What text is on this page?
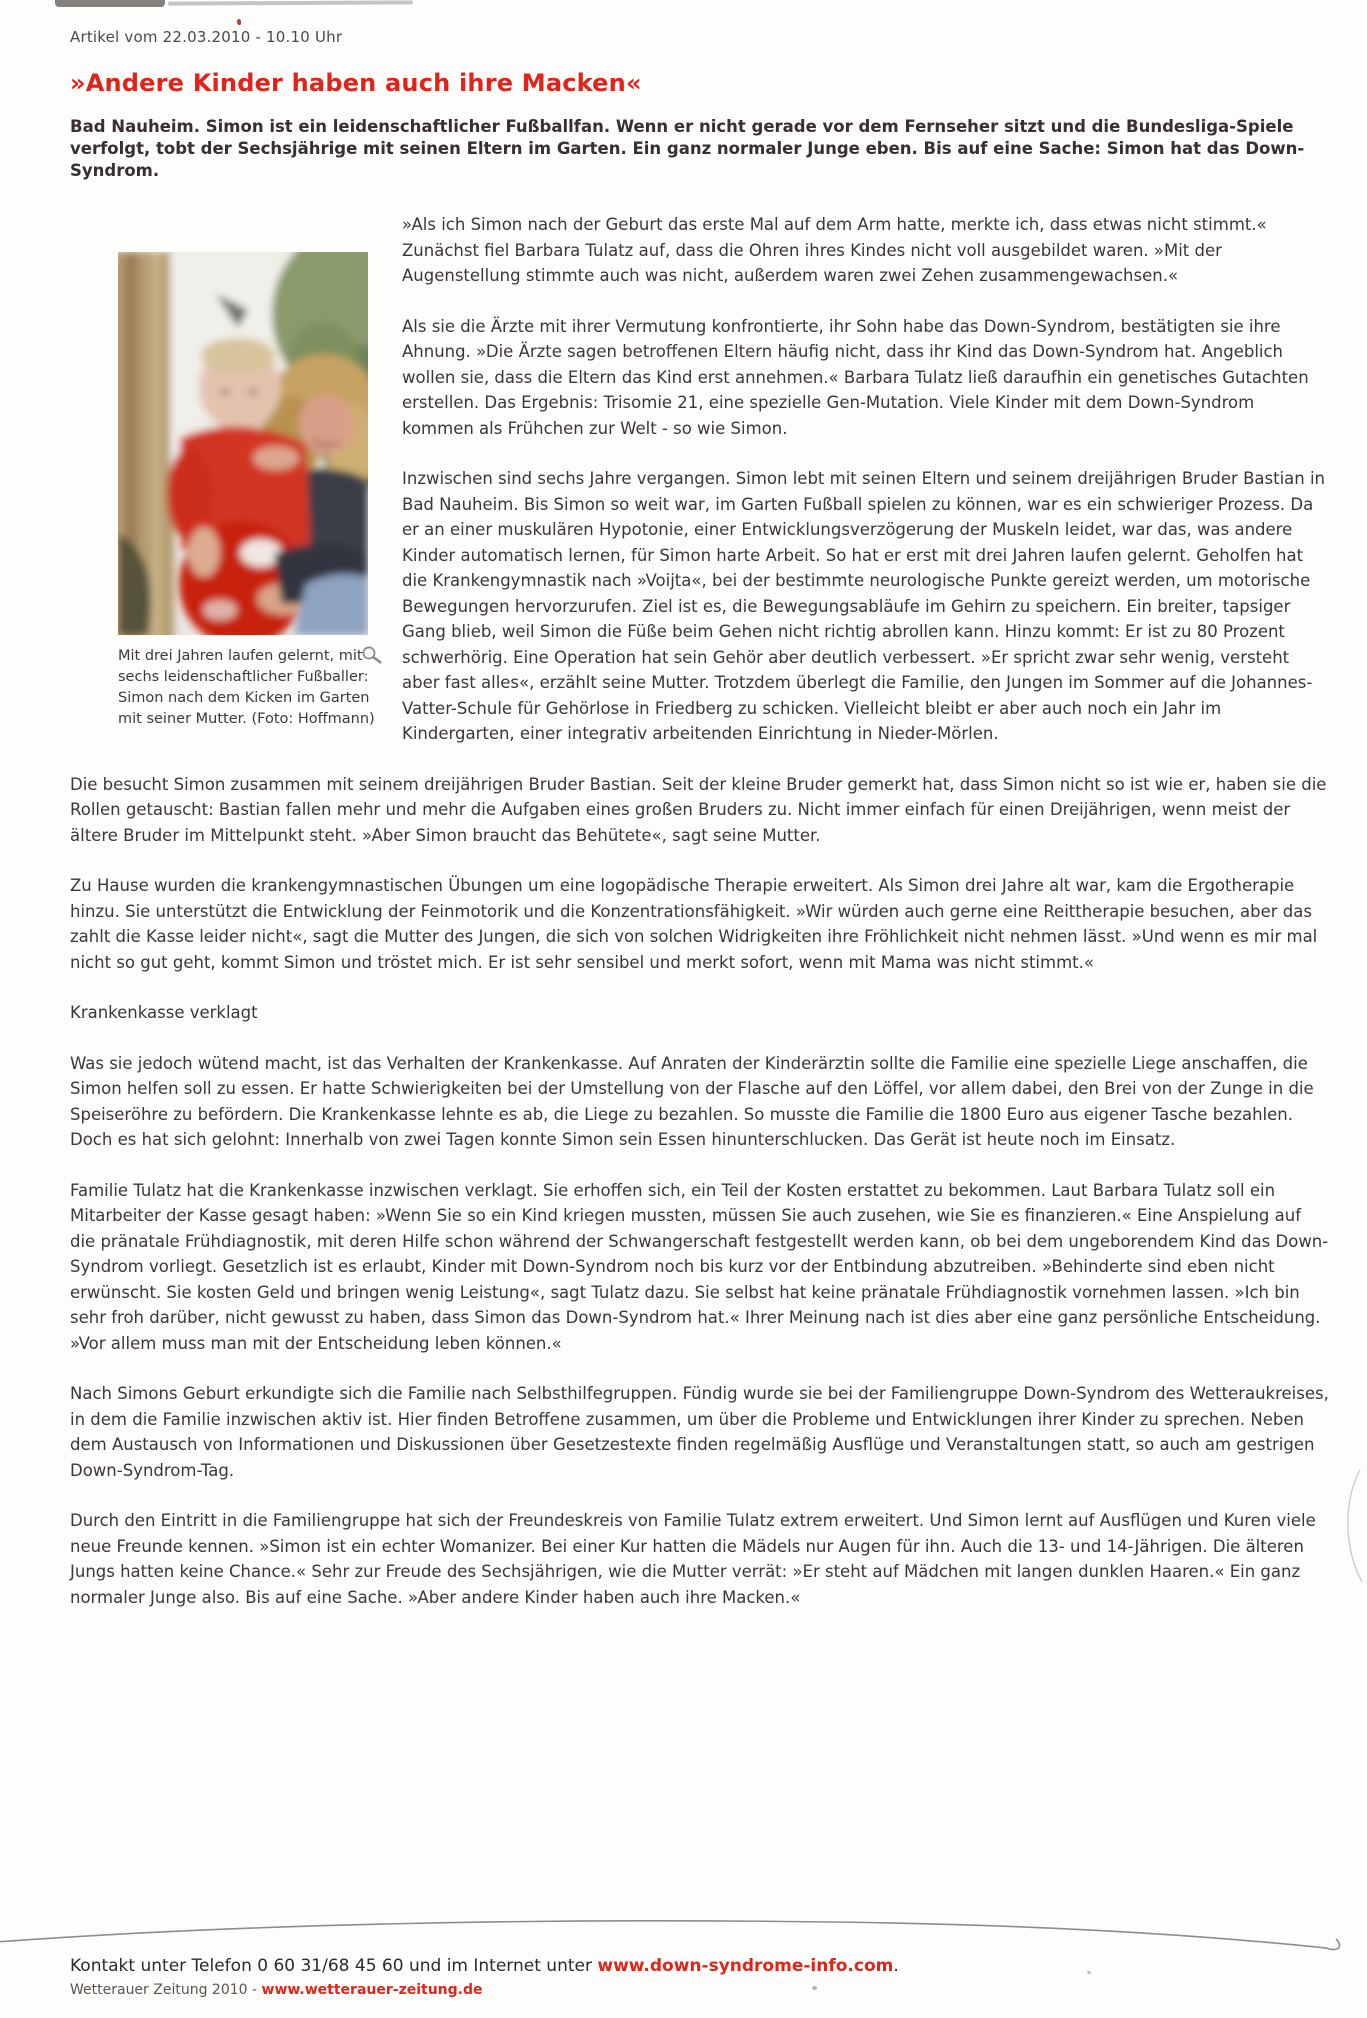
Artikel vom 22.03.2010 - 10.10 Uhr
»Andere Kinder haben auch ihre Macken«

Bad Nauheim. Simon ist ein leidenschaftlicher Fußballfan. Wenn er nicht gerade vor dem Fernseher sitzt und die Bundesliga-Spiele verfolgt, tobt der Sechsjährige mit seinen Eltern im Garten. Ein ganz normaler Junge eben. Bis auf eine Sache: Simon hat das Down-Syndrom.

Mit drei Jahren laufen gelernt, mit sechs leidenschaftlicher Fußballer: Simon nach dem Kicken im Garten mit seiner Mutter. (Foto: Hoffmann)

»Als ich Simon nach der Geburt das erste Mal auf dem Arm hatte, merkte ich, dass etwas nicht stimmt.« Zunächst fiel Barbara Tulatz auf, dass die Ohren ihres Kindes nicht voll ausgebildet waren. »Mit der Augenstellung stimmte auch was nicht, außerdem waren zwei Zehen zusammengewachsen.«

Als sie die Ärzte mit ihrer Vermutung konfrontierte, ihr Sohn habe das Down-Syndrom, bestätigten sie ihre Ahnung. »Die Ärzte sagen betroffenen Eltern häufig nicht, dass ihr Kind das Down-Syndrom hat. Angeblich wollen sie, dass die Eltern das Kind erst annehmen.« Barbara Tulatz ließ daraufhin ein genetisches Gutachten erstellen. Das Ergebnis: Trisomie 21, eine spezielle Gen-Mutation. Viele Kinder mit dem Down-Syndrom kommen als Frühchen zur Welt - so wie Simon.

Inzwischen sind sechs Jahre vergangen. Simon lebt mit seinen Eltern und seinem dreijährigen Bruder Bastian in Bad Nauheim. Bis Simon so weit war, im Garten Fußball spielen zu können, war es ein schwieriger Prozess. Da er an einer muskulären Hypotonie, einer Entwicklungsverzögerung der Muskeln leidet, war das, was andere Kinder automatisch lernen, für Simon harte Arbeit. So hat er erst mit drei Jahren laufen gelernt. Geholfen hat die Krankengymnastik nach »Voijta«, bei der bestimmte neurologische Punkte gereizt werden, um motorische Bewegungen hervorzurufen. Ziel ist es, die Bewegungsabläufe im Gehirn zu speichern. Ein breiter, tapsiger Gang blieb, weil Simon die Füße beim Gehen nicht richtig abrollen kann. Hinzu kommt: Er ist zu 80 Prozent schwerhörig. Eine Operation hat sein Gehör aber deutlich verbessert. »Er spricht zwar sehr wenig, versteht aber fast alles«, erzählt seine Mutter. Trotzdem überlegt die Familie, den Jungen im Sommer auf die Johannes-Vatter-Schule für Gehörlose in Friedberg zu schicken. Vielleicht bleibt er aber auch noch ein Jahr im Kindergarten, einer integrativ arbeitenden Einrichtung in Nieder-Mörlen.

Die besucht Simon zusammen mit seinem dreijährigen Bruder Bastian. Seit der kleine Bruder gemerkt hat, dass Simon nicht so ist wie er, haben sie die Rollen getauscht: Bastian fallen mehr und mehr die Aufgaben eines großen Bruders zu. Nicht immer einfach für einen Dreijährigen, wenn meist der ältere Bruder im Mittelpunkt steht. »Aber Simon braucht das Behütete«, sagt seine Mutter.

Zu Hause wurden die krankengymnastischen Übungen um eine logopädische Therapie erweitert. Als Simon drei Jahre alt war, kam die Ergotherapie hinzu. Sie unterstützt die Entwicklung der Feinmotorik und die Konzentrationsfähigkeit. »Wir würden auch gerne eine Reittherapie besuchen, aber das zahlt die Kasse leider nicht«, sagt die Mutter des Jungen, die sich von solchen Widrigkeiten ihre Fröhlichkeit nicht nehmen lässt. »Und wenn es mir mal nicht so gut geht, kommt Simon und tröstet mich. Er ist sehr sensibel und merkt sofort, wenn mit Mama was nicht stimmt.«

Krankenkasse verklagt

Was sie jedoch wütend macht, ist das Verhalten der Krankenkasse. Auf Anraten der Kinderärztin sollte die Familie eine spezielle Liege anschaffen, die Simon helfen soll zu essen. Er hatte Schwierigkeiten bei der Umstellung von der Flasche auf den Löffel, vor allem dabei, den Brei von der Zunge in die Speiseröhre zu befördern. Die Krankenkasse lehnte es ab, die Liege zu bezahlen. So musste die Familie die 1800 Euro aus eigener Tasche bezahlen. Doch es hat sich gelohnt: Innerhalb von zwei Tagen konnte Simon sein Essen hinunterschlucken. Das Gerät ist heute noch im Einsatz.

Familie Tulatz hat die Krankenkasse inzwischen verklagt. Sie erhoffen sich, ein Teil der Kosten erstattet zu bekommen. Laut Barbara Tulatz soll ein Mitarbeiter der Kasse gesagt haben: »Wenn Sie so ein Kind kriegen mussten, müssen Sie auch zusehen, wie Sie es finanzieren.« Eine Anspielung auf die pränatale Frühdiagnostik, mit deren Hilfe schon während der Schwangerschaft festgestellt werden kann, ob bei dem ungeborendem Kind das Down-Syndrom vorliegt. Gesetzlich ist es erlaubt, Kinder mit Down-Syndrom noch bis kurz vor der Entbindung abzutreiben. »Behinderte sind eben nicht erwünscht. Sie kosten Geld und bringen wenig Leistung«, sagt Tulatz dazu. Sie selbst hat keine pränatale Frühdiagnostik vornehmen lassen. »Ich bin sehr froh darüber, nicht gewusst zu haben, dass Simon das Down-Syndrom hat.« Ihrer Meinung nach ist dies aber eine ganz persönliche Entscheidung. »Vor allem muss man mit der Entscheidung leben können.«

Nach Simons Geburt erkundigte sich die Familie nach Selbsthilfegruppen. Fündig wurde sie bei der Familiengruppe Down-Syndrom des Wetteraukreises, in dem die Familie inzwischen aktiv ist. Hier finden Betroffene zusammen, um über die Probleme und Entwicklungen ihrer Kinder zu sprechen. Neben dem Austausch von Informationen und Diskussionen über Gesetzestexte finden regelmäßig Ausflüge und Veranstaltungen statt, so auch am gestrigen Down-Syndrom-Tag.

Durch den Eintritt in die Familiengruppe hat sich der Freundeskreis von Familie Tulatz extrem erweitert. Und Simon lernt auf Ausflügen und Kuren viele neue Freunde kennen. »Simon ist ein echter Womanizer. Bei einer Kur hatten die Mädels nur Augen für ihn. Auch die 13- und 14-Jährigen. Die älteren Jungs hatten keine Chance.« Sehr zur Freude des Sechsjährigen, wie die Mutter verrät: »Er steht auf Mädchen mit langen dunklen Haaren.« Ein ganz normaler Junge also. Bis auf eine Sache. »Aber andere Kinder haben auch ihre Macken.«

Kontakt unter Telefon 0 60 31/68 45 60 und im Internet unter www.down-syndrome-info.com.
Wetterauer Zeitung 2010 - www.wetterauer-zeitung.de
